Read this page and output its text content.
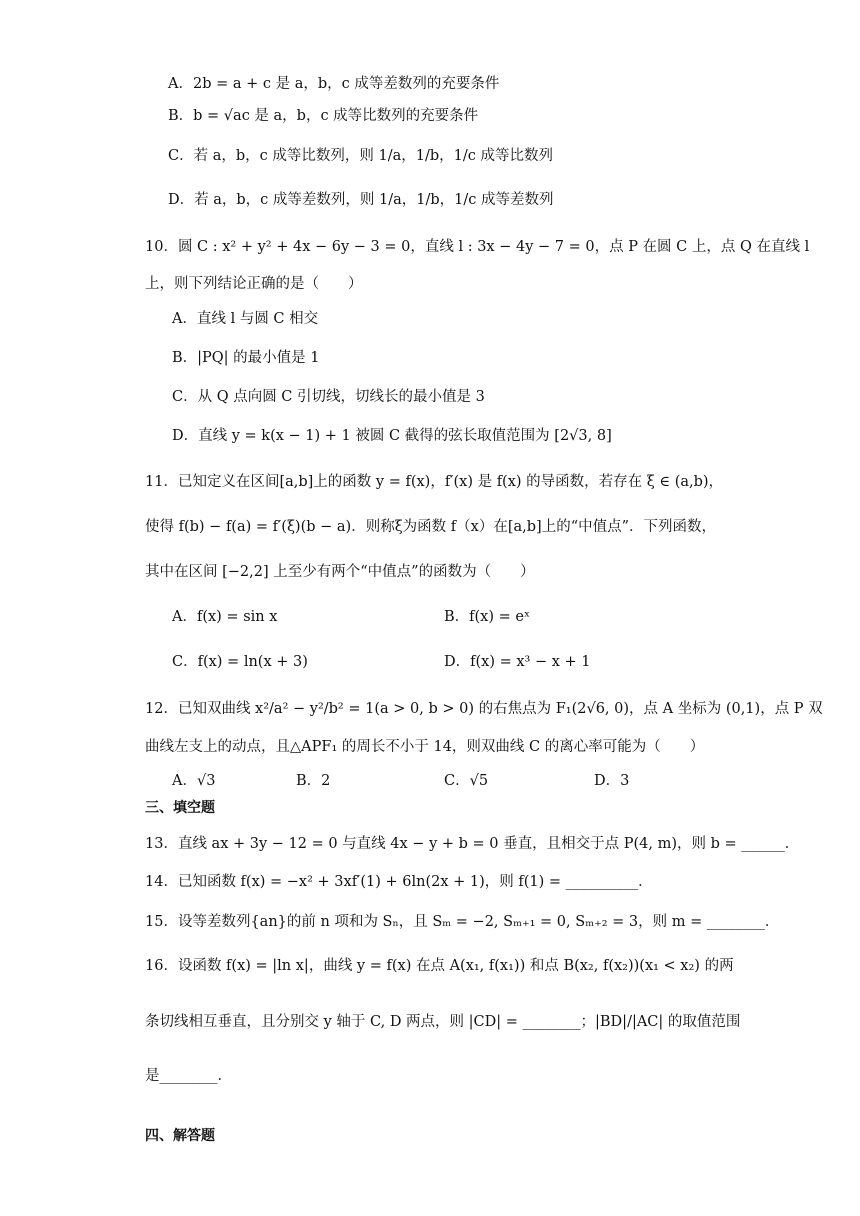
A．2b = a + c 是 a，b，c 成等差数列的充要条件
B．b = √ac 是 a，b，c 成等比数列的充要条件
C．若 a，b，c 成等比数列，则 1/a，1/b，1/c 成等比数列
D．若 a，b，c 成等差数列，则 1/a，1/b，1/c 成等差数列
10．圆 C : x² + y² + 4x − 6y − 3 = 0，直线 l : 3x − 4y − 7 = 0，点 P 在圆 C 上，点 Q 在直线 l
上，则下列结论正确的是（　　）
A．直线 l 与圆 C 相交
B．|PQ| 的最小值是 1
C．从 Q 点向圆 C 引切线，切线长的最小值是 3
D．直线 y = k(x − 1) + 1 被圆 C 截得的弦长取值范围为 [2√3, 8]
11．已知定义在区间[a,b]上的函数 y = f(x)，f′(x) 是 f(x) 的导函数，若存在 ξ ∈ (a,b)，
使得 f(b) − f(a) = f′(ξ)(b − a)．则称ξ为函数 f（x）在[a,b]上的“中值点”．下列函数，
其中在区间 [−2,2] 上至少有两个“中值点”的函数为（　　）
A．f(x) = sin x	B．f(x) = eˣ
C．f(x) = ln(x + 3)	D．f(x) = x³ − x + 1
12．已知双曲线 x²/a² − y²/b² = 1(a > 0, b > 0) 的右焦点为 F₁(2√6, 0)，点 A 坐标为 (0,1)，点 P 双
曲线左支上的动点，且△APF₁ 的周长不小于 14，则双曲线 C 的离心率可能为（　　）
A．√3	B．2	C．√5	D．3
三、填空题
13．直线 ax + 3y − 12 = 0 与直线 4x − y + b = 0 垂直，且相交于点 P(4, m)，则 b = ______．
14．已知函数 f(x) = −x² + 3xf′(1) + 6ln(2x + 1)，则 f(1) = __________．
15．设等差数列{an}的前 n 项和为 Sₙ，且 Sₘ = −2, Sₘ₊₁ = 0, Sₘ₊₂ = 3，则 m = ________．
16．设函数 f(x) = |ln x|，曲线 y = f(x) 在点 A(x₁, f(x₁)) 和点 B(x₂, f(x₂))(x₁ < x₂) 的两
条切线相互垂直，且分别交 y 轴于 C, D 两点，则 |CD| = ________；|BD|/|AC| 的取值范围
是________．
四、解答题
